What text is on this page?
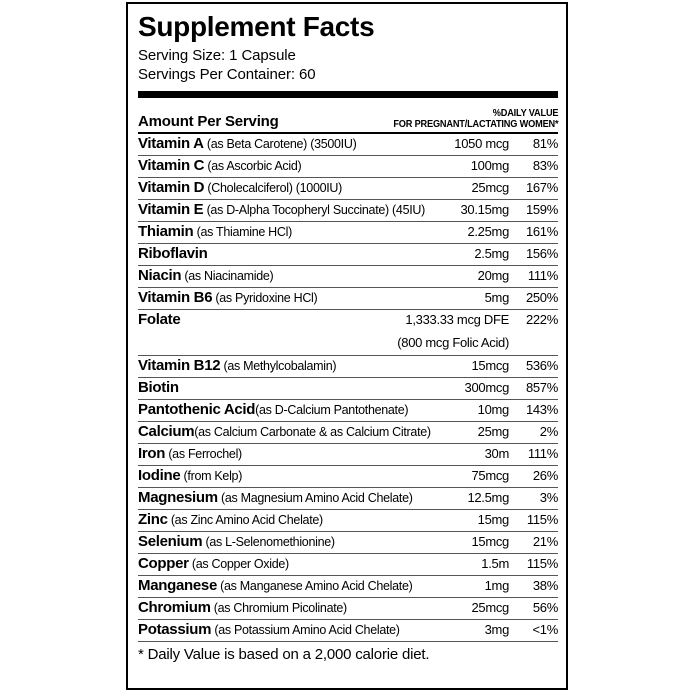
Supplement Facts
Serving Size: 1 Capsule
Servings Per Container: 60
Amount Per Serving	%DAILY VALUE
FOR PREGNANT/LACTATING WOMEN*
Vitamin A (as Beta Carotene) (3500IU)	1050 mcg	81%
Vitamin C (as Ascorbic Acid)	100mg	83%
Vitamin D (Cholecalciferol) (1000IU)	25mcg	167%
Vitamin E (as D-Alpha Tocopheryl Succinate) (45IU)	30.15mg	159%
Thiamin (as Thiamine HCl)	2.25mg	161%
Riboflavin	2.5mg	156%
Niacin (as Niacinamide)	20mg	111%
Vitamin B6 (as Pyridoxine HCl)	5mg	250%
Folate	1,333.33 mcg DFE	222%
(800 mcg Folic Acid)
Vitamin B12 (as Methylcobalamin)	15mcg	536%
Biotin	300mcg	857%
Pantothenic Acid(as D-Calcium Pantothenate)	10mg	143%
Calcium(as Calcium Carbonate & as Calcium Citrate)	25mg	2%
Iron (as Ferrochel)	30m	111%
Iodine (from Kelp)	75mcg	26%
Magnesium (as Magnesium Amino Acid Chelate)	12.5mg	3%
Zinc (as Zinc Amino Acid Chelate)	15mg	115%
Selenium (as L-Selenomethionine)	15mcg	21%
Copper (as Copper Oxide)	1.5m	115%
Manganese (as Manganese Amino Acid Chelate)	1mg	38%
Chromium (as Chromium Picolinate)	25mcg	56%
Potassium (as Potassium Amino Acid Chelate)	3mg	<1%
* Daily Value is based on a 2,000 calorie diet.
